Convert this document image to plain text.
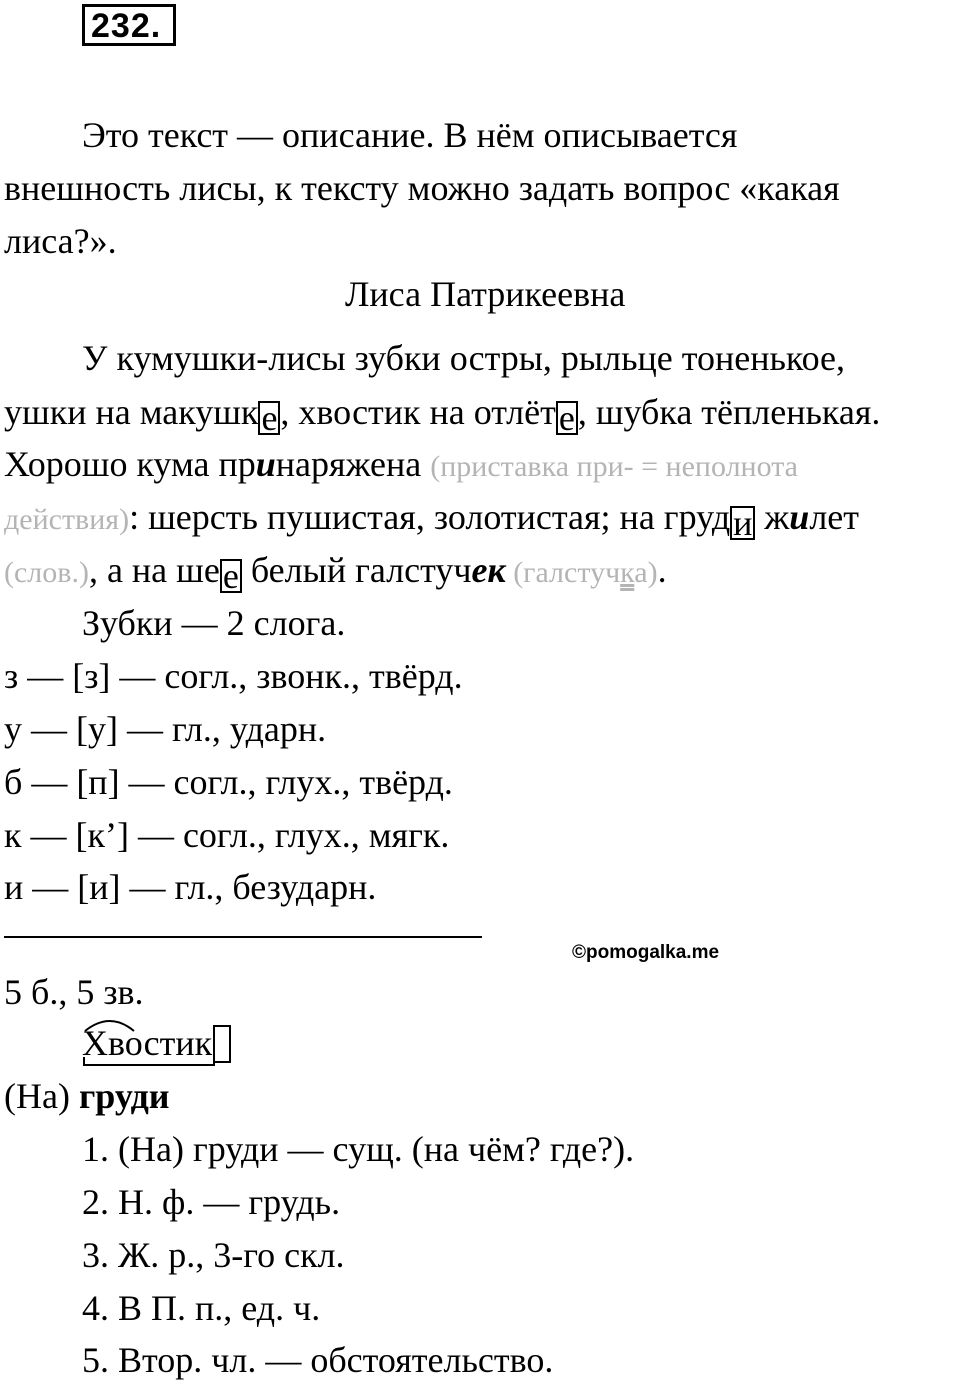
232.
Это текст — описание. В нём описывается
внешность лисы, к тексту можно задать вопрос «какая
лиса?».
Лиса Патрикеевна
У кумушки-лисы зубки остры, рыльце тоненькое,
ушки на макушке, хвостик на отлёте, шубка тёпленькая.
Хорошо кума принаряжена (приставка при- = неполнота
действия): шерсть пушистая, золотистая; на груди жилет
(слов.), а на шее белый галстучек (галстучка).
Зубки — 2 слога.
з — [з] — согл., звонк., твёрд.
у — [у] — гл., ударн.
б — [п] — согл., глух., твёрд.
к — [к’] — согл., глух., мягк.
и — [и] — гл., безударн.
©pomogalka.me
5 б., 5 зв.
Хвостик
(На) груди
1. (На) груди — сущ. (на чём? где?).
2. Н. ф. — грудь.
3. Ж. р., 3-го скл.
4. В П. п., ед. ч.
5. Втор. чл. — обстоятельство.
